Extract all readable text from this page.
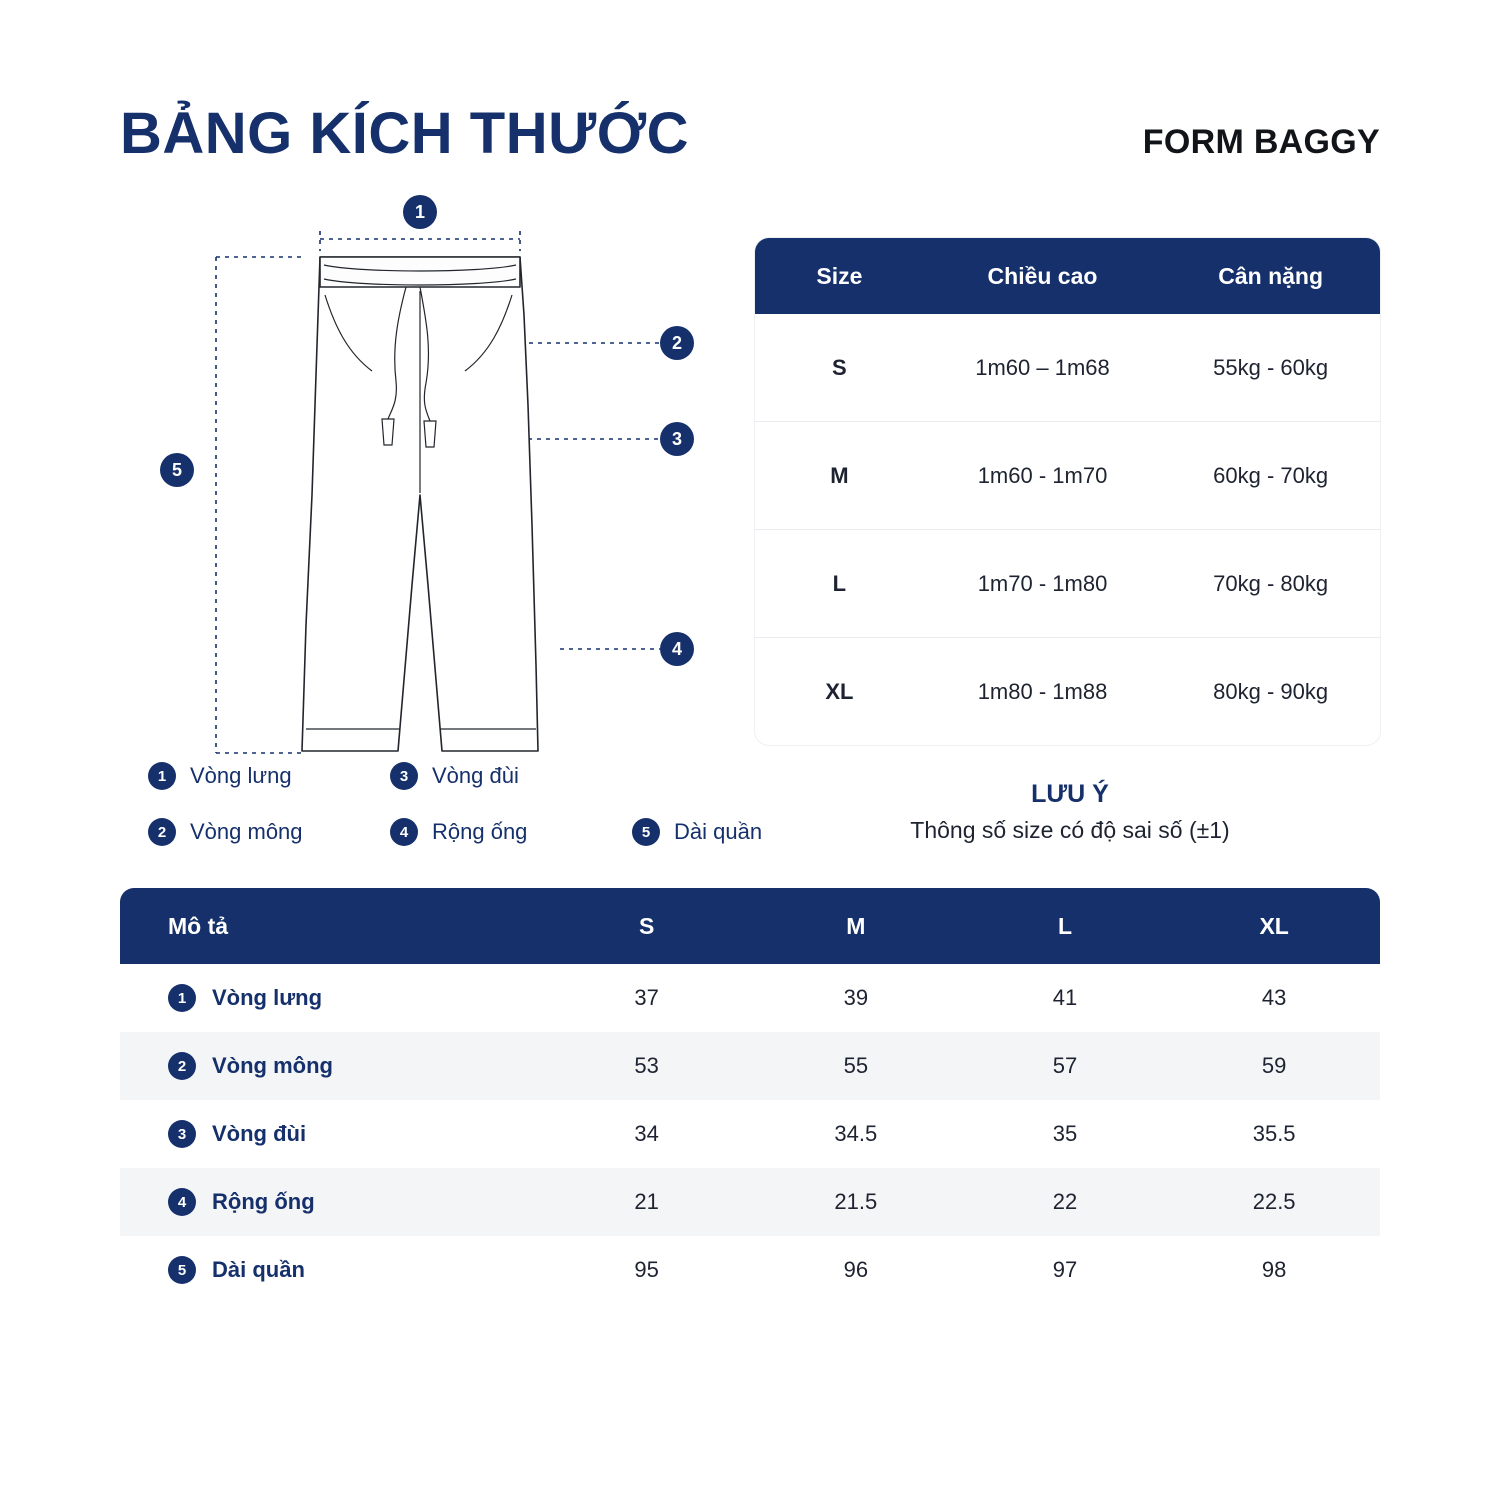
BẢNG KÍCH THƯỚC	FORM BAGGY
1
2
3
4
5
1 Vòng lưng
2 Vòng mông
3 Vòng đùi
4 Rộng ống	5 Dài quần
Size	Chiều cao	Cân nặng
S	1m60 – 1m68	55kg - 60kg
M	1m60 - 1m70	60kg - 70kg
L	1m70 - 1m80	70kg - 80kg
XL	1m80 - 1m88	80kg - 90kg

LƯU Ý

Thông số size có độ sai số (±1)

Mô tả	S	M	L	XL
1 Vòng lưng	37	39	41	43
2 Vòng mông	53	55	57	59
3 Vòng đùi	34	34.5	35	35.5
4 Rộng ống	21	21.5	22	22.5
5 Dài quần	95	96	97	98
